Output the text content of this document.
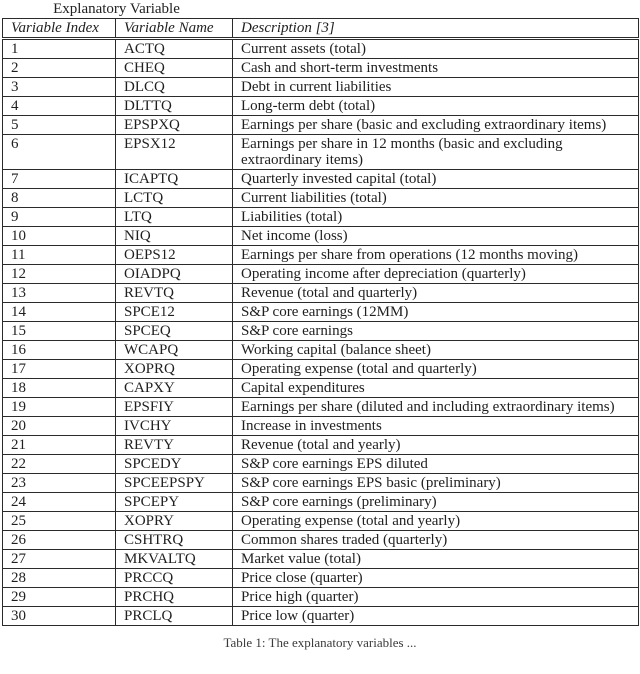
Explanatory Variable
Variable Index	Variable Name	Description [3]
1	ACTQ	Current assets (total)
2	CHEQ	Cash and short-term investments
3	DLCQ	Debt in current liabilities
4	DLTTQ	Long-term debt (total)
5	EPSPXQ	Earnings per share (basic and excluding extraordinary items)
6	EPSX12	Earnings per share in 12 months (basic and excluding extraordinary items)
7	ICAPTQ	Quarterly invested capital (total)
8	LCTQ	Current liabilities (total)
9	LTQ	Liabilities (total)
10	NIQ	Net income (loss)
11	OEPS12	Earnings per share from operations (12 months moving)
12	OIADPQ	Operating income after depreciation (quarterly)
13	REVTQ	Revenue (total and quarterly)
14	SPCE12	S&P core earnings (12MM)
15	SPCEQ	S&P core earnings
16	WCAPQ	Working capital (balance sheet)
17	XOPRQ	Operating expense (total and quarterly)
18	CAPXY	Capital expenditures
19	EPSFIY	Earnings per share (diluted and including extraordinary items)
20	IVCHY	Increase in investments
21	REVTY	Revenue (total and yearly)
22	SPCEDY	S&P core earnings EPS diluted
23	SPCEEPSPY	S&P core earnings EPS basic (preliminary)
24	SPCEPY	S&P core earnings (preliminary)
25	XOPRY	Operating expense (total and yearly)
26	CSHTRQ	Common shares traded (quarterly)
27	MKVALTQ	Market value (total)
28	PRCCQ	Price close (quarter)
29	PRCHQ	Price high (quarter)
30	PRCLQ	Price low (quarter)
Table 1: The explanatory variables ...
